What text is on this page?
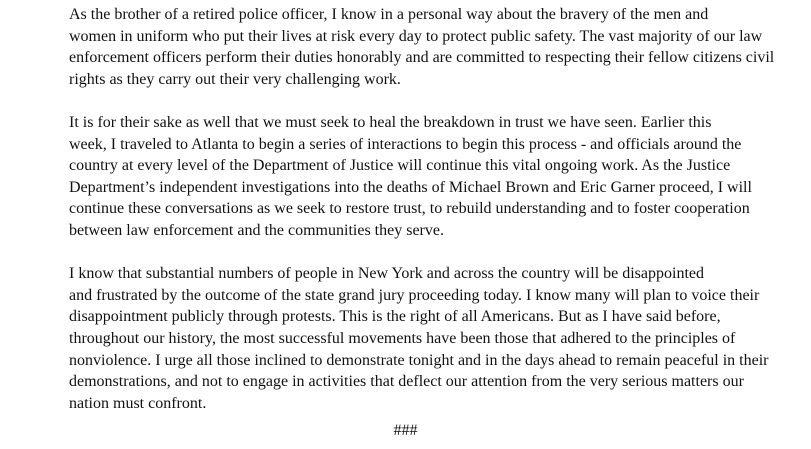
As the brother of a retired police officer, I know in a personal way about the bravery of the men and
women in uniform who put their lives at risk every day to protect public safety. The vast majority of our law
enforcement officers perform their duties honorably and are committed to respecting their fellow citizens civil
rights as they carry out their very challenging work.

It is for their sake as well that we must seek to heal the breakdown in trust we have seen. Earlier this
week, I traveled to Atlanta to begin a series of interactions to begin this process - and officials around the
country at every level of the Department of Justice will continue this vital ongoing work. As the Justice
Department’s independent investigations into the deaths of Michael Brown and Eric Garner proceed, I will
continue these conversations as we seek to restore trust, to rebuild understanding and to foster cooperation
between law enforcement and the communities they serve.

I know that substantial numbers of people in New York and across the country will be disappointed
and frustrated by the outcome of the state grand jury proceeding today. I know many will plan to voice their
disappointment publicly through protests. This is the right of all Americans. But as I have said before,
throughout our history, the most successful movements have been those that adhered to the principles of
nonviolence. I urge all those inclined to demonstrate tonight and in the days ahead to remain peaceful in their
demonstrations, and not to engage in activities that deflect our attention from the very serious matters our
nation must confront.

###
